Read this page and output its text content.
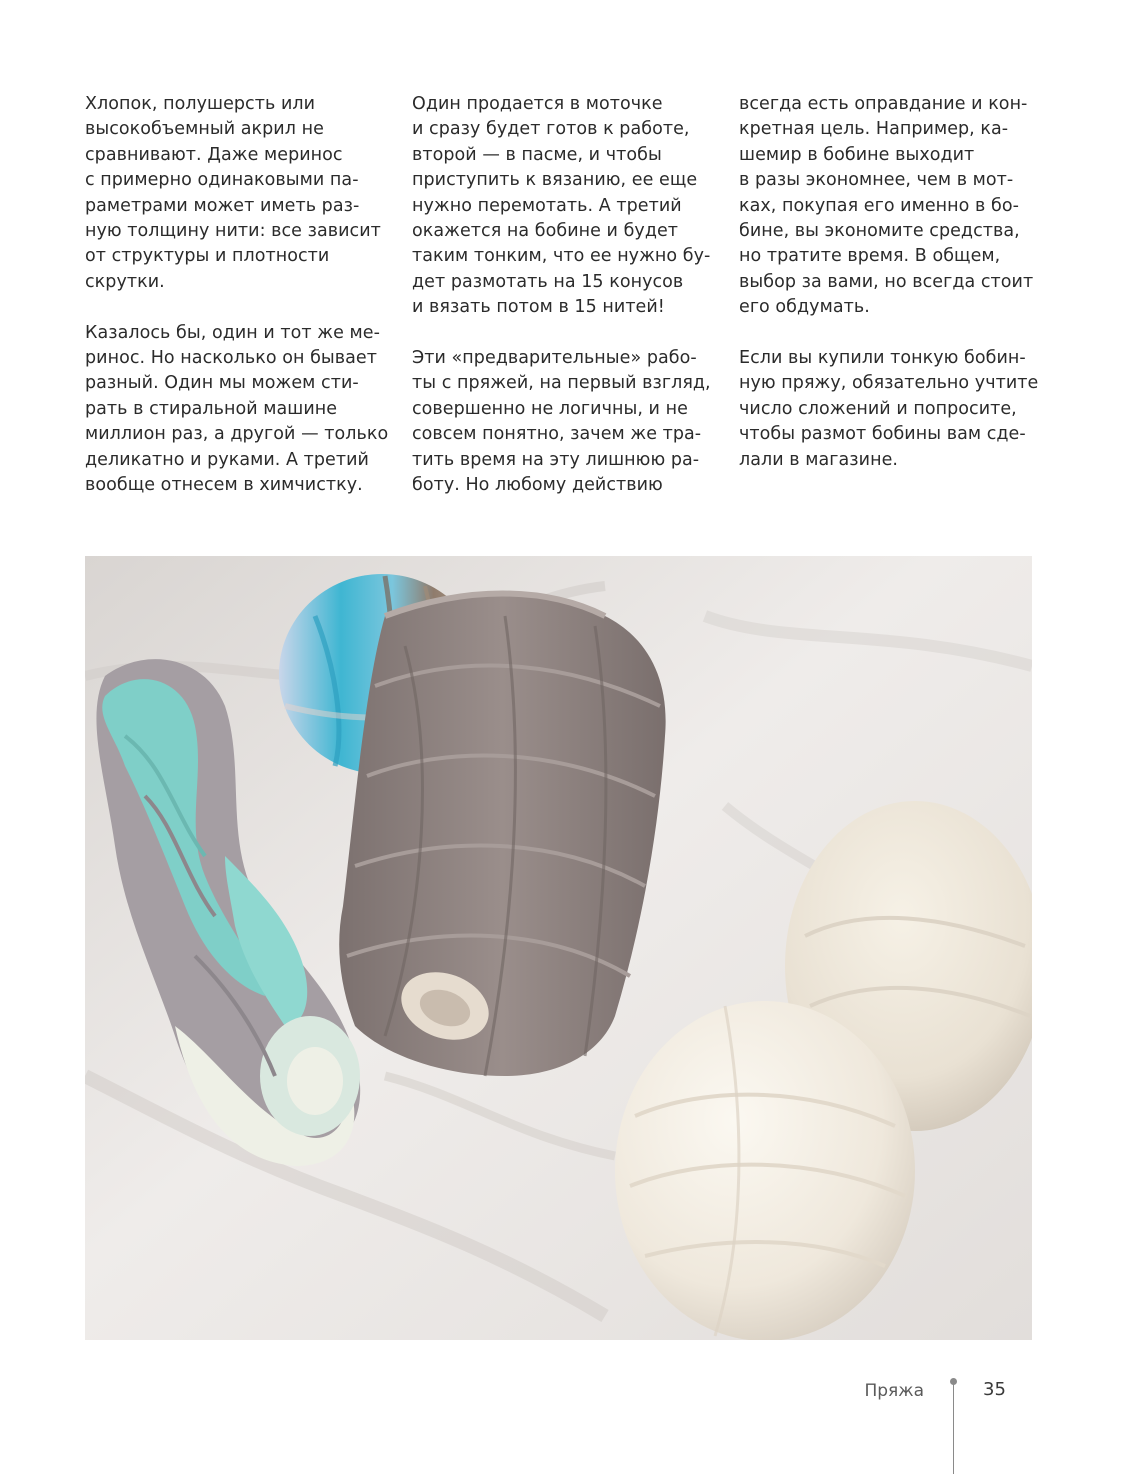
Хлопок, полушерсть или
высокобъемный акрил не
сравнивают. Даже меринос
с примерно одинаковыми па-
раметрами может иметь раз-
ную толщину нити: все зависит
от структуры и плотности
скрутки.

Казалось бы, один и тот же ме-
ринос. Но насколько он бывает
разный. Один мы можем сти-
рать в стиральной машине
миллион раз, а другой — только
деликатно и руками. А третий
вообще отнесем в химчистку.

Один продается в моточке
и сразу будет готов к работе,
второй — в пасме, и чтобы
приступить к вязанию, ее еще
нужно перемотать. А третий
окажется на бобине и будет
таким тонким, что ее нужно бу-
дет размотать на 15 конусов
и вязать потом в 15 нитей!

Эти «предварительные» рабо-
ты с пряжей, на первый взгляд,
совершенно не логичны, и не
совсем понятно, зачем же тра-
тить время на эту лишнюю ра-
боту. Но любому действию

всегда есть оправдание и кон-
кретная цель. Например, ка-
шемир в бобине выходит
в разы экономнее, чем в мот-
ках, покупая его именно в бо-
бине, вы экономите средства,
но тратите время. В общем,
выбор за вами, но всегда стоит
его обдумать.

Если вы купили тонкую бобин-
ную пряжу, обязательно учтите
число сложений и попросите,
чтобы размот бобины вам сде-
лали в магазине.

Пряжа	35
